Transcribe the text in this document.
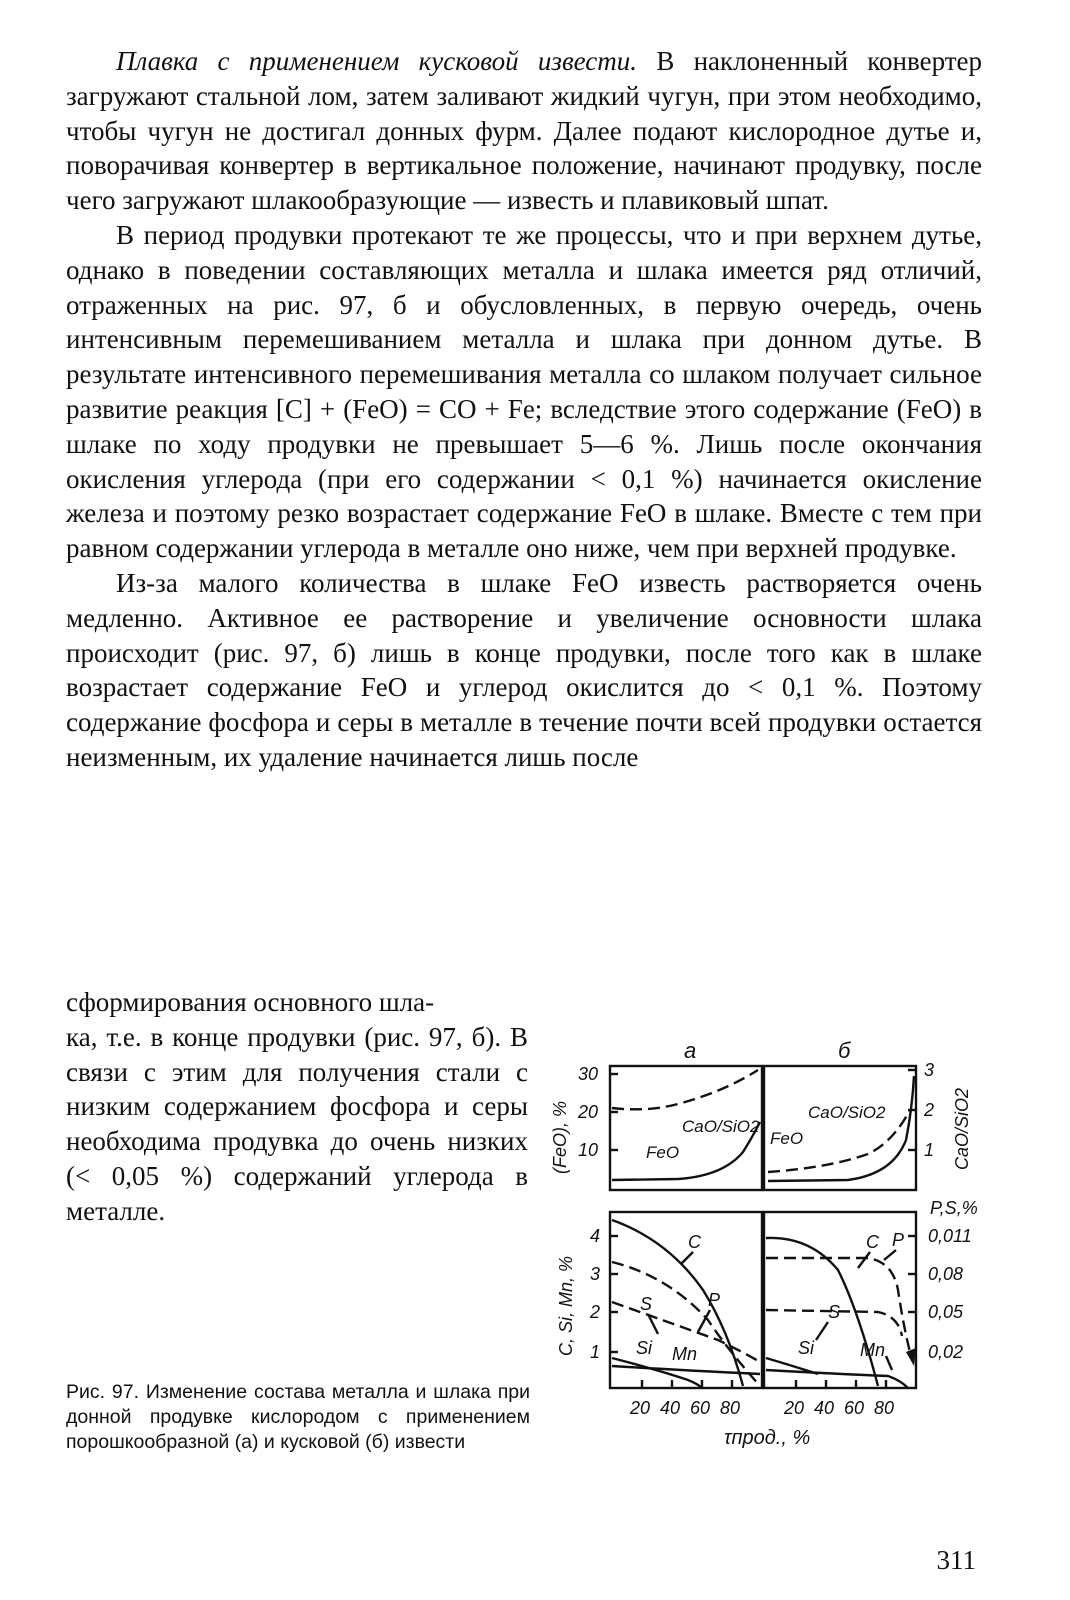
Плавка с применением кусковой извести. В наклоненный конвертер загружают стальной лом, затем заливают жидкий чугун, при этом необходимо, чтобы чугун не достигал донных фурм. Далее подают кислородное дутье и, поворачивая конвертер в вертикальное положение, начинают продувку, после чего загружают шлакообразующие — известь и плавиковый шпат.

В период продувки протекают те же процессы, что и при верхнем дутье, однако в поведении составляющих металла и шлака имеется ряд отличий, отраженных на рис. 97, б и обусловленных, в первую очередь, очень интенсивным перемешиванием металла и шлака при донном дутье. В результате интенсивного перемешивания металла со шлаком получает сильное развитие реакция [C] + (FeO) = CO + Fe; вследствие этого содержание (FeO) в шлаке по ходу продувки не превышает 5—6 %. Лишь после окончания окисления углерода (при его содержании < 0,1 %) начинается окисление железа и поэтому резко возрастает содержание FeO в шлаке. Вместе с тем при равном содержании углерода в металле оно ниже, чем при верхней продувке.

Из-за малого количества в шлаке FeO известь растворяется очень медленно. Активное ее растворение и увеличение основности шлака происходит (рис. 97, б) лишь в конце продувки, после того как в шлаке возрастает содержание FeO и углерод окислится до < 0,1 %. Поэтому содержание фосфора и серы в металле в течение почти всей продувки остается неизменным, их удаление начинается лишь после

сформирования основного шла-
ка, т.е. в конце продувки (рис. 97, б). В связи с этим для получения стали с низким содержанием фосфора и серы необходима продувка до очень низких (< 0,05 %) содержаний углерода в металле.
Рис. 97. Изменение состава металла и шлака при донной продувке кислородом с применением порошкообразной (а) и кусковой (б) извести
а	б
30
20
10
(FeO), %
3
2
1 CaO/SiO2
CaO/SiO2
FeO
CaO/SiO2
FeO
4
3
2
1
C, Si, Mn, %
P,S,%
0,011
0,08
0,05
0,02
C
P
S
Si Mn
C P
S
Si	Mn
20 40 60 80 20 40 60 80
τпрод., %
311
